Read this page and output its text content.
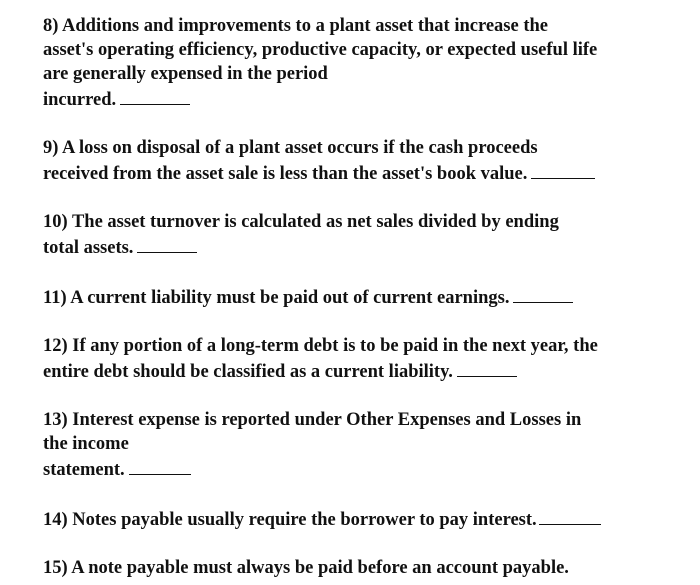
8) Additions and improvements to a plant asset that increase the
asset's operating efficiency, productive capacity, or expected useful life
are generally expensed in the period
incurred.

9) A loss on disposal of a plant asset occurs if the cash proceeds
received from the asset sale is less than the asset's book value.

10) The asset turnover is calculated as net sales divided by ending
total assets.

11) A current liability must be paid out of current earnings.

12) If any portion of a long-term debt is to be paid in the next year, the
entire debt should be classified as a current liability.

13) Interest expense is reported under Other Expenses and Losses in
the income
statement.

14) Notes payable usually require the borrower to pay interest.

15) A note payable must always be paid before an account payable.
